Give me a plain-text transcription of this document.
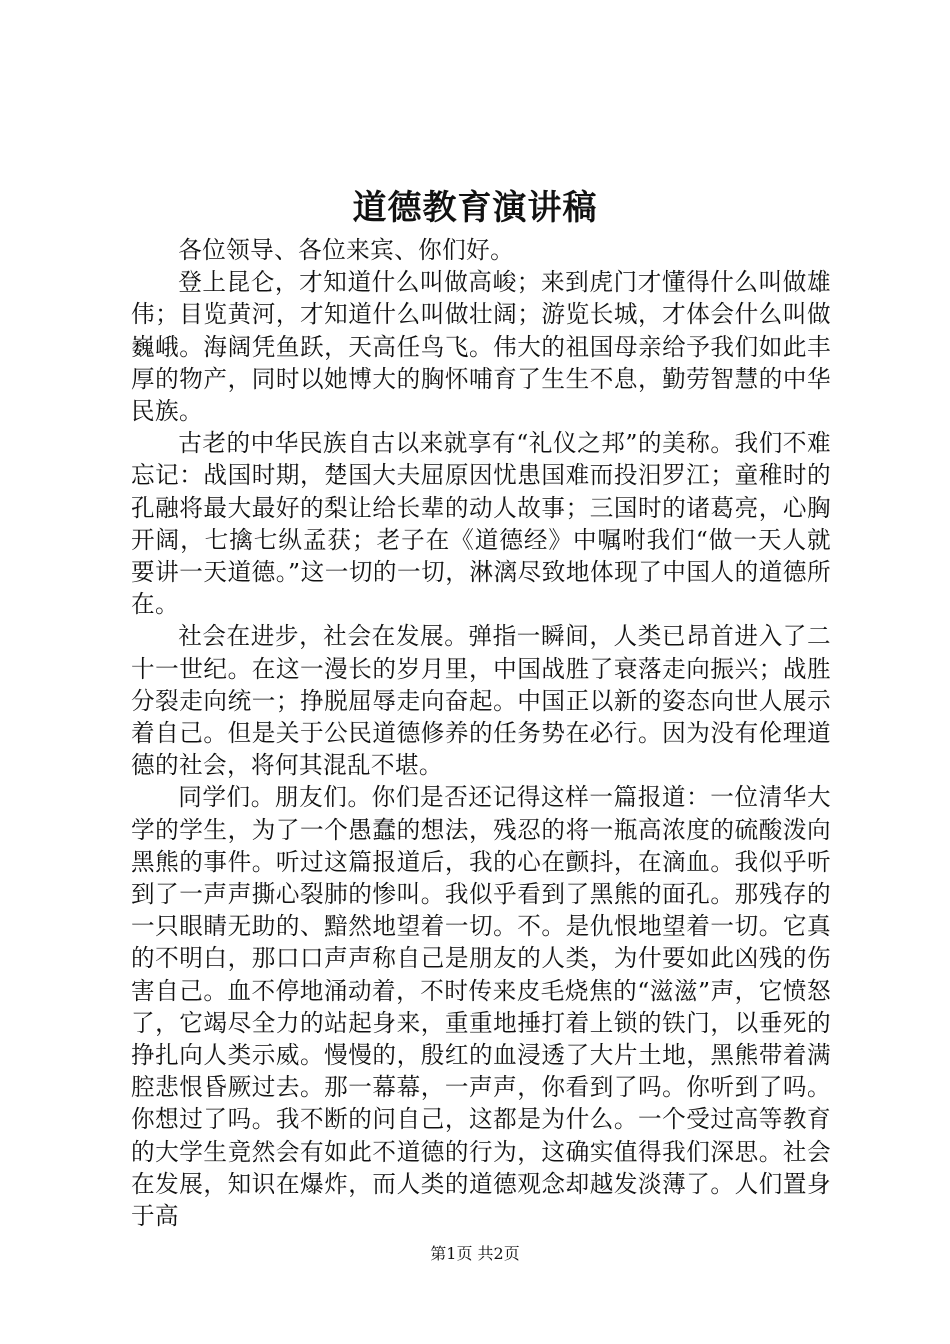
道德教育演讲稿

各位领导、各位来宾、你们好。

登上昆仑，才知道什么叫做高峻；来到虎门才懂得什么叫做雄伟；目览黄河，才知道什么叫做壮阔；游览长城，才体会什么叫做巍峨。海阔凭鱼跃，天高任鸟飞。伟大的祖国母亲给予我们如此丰厚的物产，同时以她博大的胸怀哺育了生生不息，勤劳智慧的中华民族。

古老的中华民族自古以来就享有“礼仪之邦”的美称。我们不难忘记：战国时期，楚国大夫屈原因忧患国难而投汨罗江；童稚时的孔融将最大最好的梨让给长辈的动人故事；三国时的诸葛亮，心胸开阔，七擒七纵孟获；老子在《道德经》中嘱咐我们“做一天人就要讲一天道德。”这一切的一切，淋漓尽致地体现了中国人的道德所在。

社会在进步，社会在发展。弹指一瞬间，人类已昂首进入了二十一世纪。在这一漫长的岁月里，中国战胜了衰落走向振兴；战胜分裂走向统一；挣脱屈辱走向奋起。中国正以新的姿态向世人展示着自己。但是关于公民道德修养的任务势在必行。因为没有伦理道德的社会，将何其混乱不堪。

同学们。朋友们。你们是否还记得这样一篇报道：一位清华大学的学生，为了一个愚蠢的想法，残忍的将一瓶高浓度的硫酸泼向黑熊的事件。听过这篇报道后，我的心在颤抖，在滴血。我似乎听到了一声声撕心裂肺的惨叫。我似乎看到了黑熊的面孔。那残存的一只眼睛无助的、黯然地望着一切。不。是仇恨地望着一切。它真的不明白，那口口声声称自己是朋友的人类，为什要如此凶残的伤害自己。血不停地涌动着，不时传来皮毛烧焦的“滋滋”声，它愤怒了，它竭尽全力的站起身来，重重地捶打着上锁的铁门，以垂死的挣扎向人类示威。慢慢的，殷红的血浸透了大片土地，黑熊带着满腔悲恨昏厥过去。那一幕幕，一声声，你看到了吗。你听到了吗。你想过了吗。我不断的问自己，这都是为什么。一个受过高等教育的大学生竟然会有如此不道德的行为，这确实值得我们深思。社会在发展，知识在爆炸，而人类的道德观念却越发淡薄了。人们置身于高

第1页 共2页
